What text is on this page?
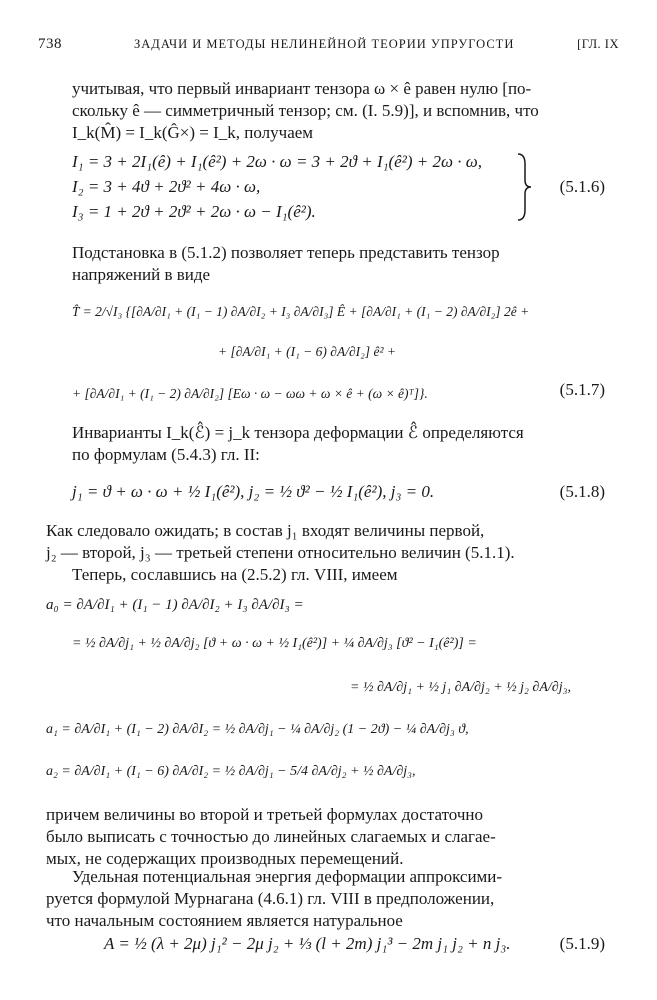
738	ЗАДАЧИ И МЕТОДЫ НЕЛИНЕЙНОЙ ТЕОРИИ УПРУГОСТИ	[ГЛ. IX
учитывая, что первый инвариант тензора ω × ê равен нулю [по-
скольку ê — симметричный тензор; см. (I. 5.9)], и вспомнив, что
I_k(M̂) = I_k(Ĝ×) = I_k, получаем
I₁ = 3 + 2I₁(ê) + I₁(ê²) + 2ω · ω = 3 + 2ϑ + I₁(ê²) + 2ω · ω,
I₂ = 3 + 4ϑ + 2ϑ² + 4ω · ω,
I₃ = 1 + 2ϑ + 2ϑ² + 2ω · ω − I₁(ê²).
(5.1.6)
Подстановка в (5.1.2) позволяет теперь представить тензор
напряжений в виде
T̂ = 2/√I₃ {[∂A/∂I₁ + (I₁ − 1) ∂A/∂I₂ + I₃ ∂A/∂I₃] Ê + [∂A/∂I₁ + (I₁ − 2) ∂A/∂I₂] 2ê +
+ [∂A/∂I₁ + (I₁ − 6) ∂A/∂I₂] ê² +
+ [∂A/∂I₁ + (I₁ − 2) ∂A/∂I₂] [Eω · ω − ωω + ω × ê + (ω × ê)ᵀ]}.	(5.1.7)
Инварианты I_k(ℰ̂) = j_k тензора деформации ℰ̂ определяются
по формулам (5.4.3) гл. II:
j₁ = ϑ + ω · ω + ½ I₁(ê²), j₂ = ½ ϑ² − ½ I₁(ê²), j₃ = 0.	(5.1.8)
Как следовало ожидать; в состав j₁ входят величины первой,
j₂ — второй, j₃ — третьей степени относительно величин (5.1.1).
Теперь, сославшись на (2.5.2) гл. VIII, имеем
a₀ = ∂A/∂I₁ + (I₁ − 1) ∂A/∂I₂ + I₃ ∂A/∂I₃ =
= ½ ∂A/∂j₁ + ½ ∂A/∂j₂ [ϑ + ω · ω + ½ I₁(ê²)] + ¼ ∂A/∂j₃ [ϑ² − I₁(ê²)] =
= ½ ∂A/∂j₁ + ½ j₁ ∂A/∂j₂ + ½ j₂ ∂A/∂j₃,
a₁ = ∂A/∂I₁ + (I₁ − 2) ∂A/∂I₂ = ½ ∂A/∂j₁ − ¼ ∂A/∂j₂ (1 − 2ϑ) − ¼ ∂A/∂j₃ ϑ,
a₂ = ∂A/∂I₁ + (I₁ − 6) ∂A/∂I₂ = ½ ∂A/∂j₁ − 5/4 ∂A/∂j₂ + ½ ∂A/∂j₃,
причем величины во второй и третьей формулах достаточно
было выписать с точностью до линейных слагаемых и слагае-
мых, не содержащих производных перемещений.
Удельная потенциальная энергия деформации аппроксими-
руется формулой Мурнагана (4.6.1) гл. VIII в предположении,
что начальным состоянием является натуральное
A = ½ (λ + 2μ) j₁² − 2μ j₂ + ⅓ (l + 2m) j₁³ − 2m j₁ j₂ + n j₃.	(5.1.9)
